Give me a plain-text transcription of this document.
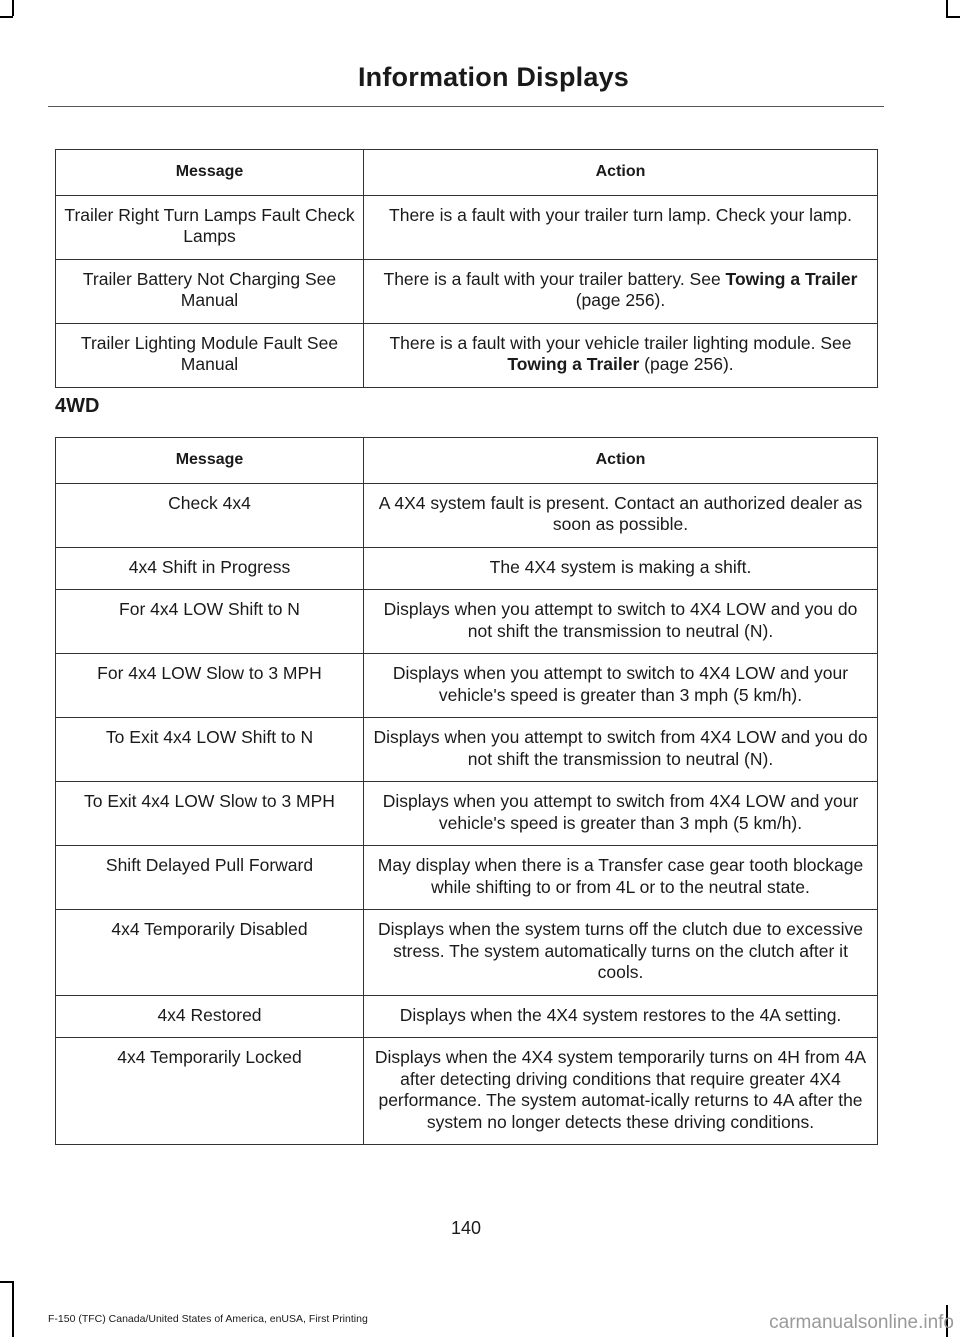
Information Displays
Message	Action
Trailer Right Turn Lamps Fault Check Lamps	There is a fault with your trailer turn lamp. Check your lamp.
Trailer Battery Not Charging See Manual	There is a fault with your trailer battery. See Towing a Trailer (page 256).
Trailer Lighting Module Fault See Manual	There is a fault with your vehicle trailer lighting module. See Towing a Trailer (page 256).
4WD
Message	Action
Check 4x4	A 4X4 system fault is present. Contact an authorized dealer as soon as possible.
4x4 Shift in Progress	The 4X4 system is making a shift.
For 4x4 LOW Shift to N	Displays when you attempt to switch to 4X4 LOW and you do not shift the transmission to neutral (N).
For 4x4 LOW Slow to 3 MPH	Displays when you attempt to switch to 4X4 LOW and your vehicle's speed is greater than 3 mph (5 km/h).
To Exit 4x4 LOW Shift to N	Displays when you attempt to switch from 4X4 LOW and you do not shift the transmission to neutral (N).
To Exit 4x4 LOW Slow to 3 MPH	Displays when you attempt to switch from 4X4 LOW and your vehicle's speed is greater than 3 mph (5 km/h).
Shift Delayed Pull Forward	May display when there is a Transfer case gear tooth blockage while shifting to or from 4L or to the neutral state.
4x4 Temporarily Disabled	Displays when the system turns off the clutch due to excessive stress. The system automatically turns on the clutch after it cools.
4x4 Restored	Displays when the 4X4 system restores to the 4A setting.
4x4 Temporarily Locked	Displays when the 4X4 system temporarily turns on 4H from 4A after detecting driving conditions that require greater 4X4 performance. The system automat-ically returns to 4A after the system no longer detects these driving conditions.
140
F-150 (TFC) Canada/United States of America, enUSA, First Printing	carmanualsonline.info
